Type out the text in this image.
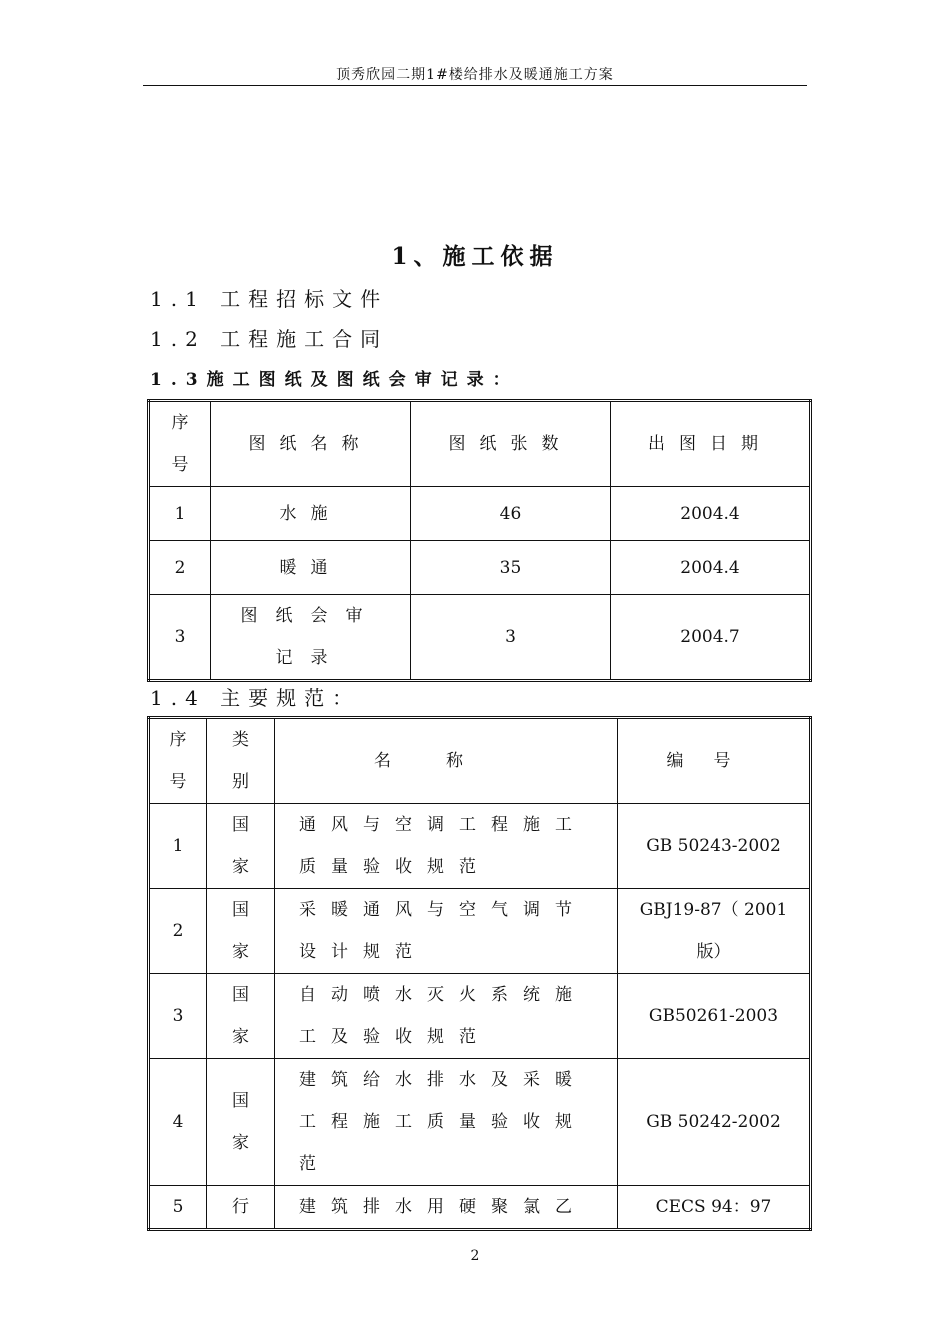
顶秀欣园二期1#楼给排水及暖通施工方案
1、施工依据
1.1 工程招标文件
1.2 工程施工合同
1.3施工图纸及图纸会审记录：
序号	图纸名称	图纸张数	出图日期
1	水施	46	2004.4
2	暖通	35	2004.4
3	图纸会审记录	3	2004.7
1.4 主要规范：
序号	类别	名称	编号
1	国家	通风与空调工程施工质量验收规范	GB 50243-2002
2	国家	采暖通风与空气调节设计规范	GBJ19-87（ 2001版）
3	国家	自动喷水灭火系统施工及验收规范	GB50261-2003
4	国家	建筑给水排水及采暖工程施工质量验收规范	GB 50242-2002
5	行	建筑排水用硬聚氯乙	CECS 94：97
2
